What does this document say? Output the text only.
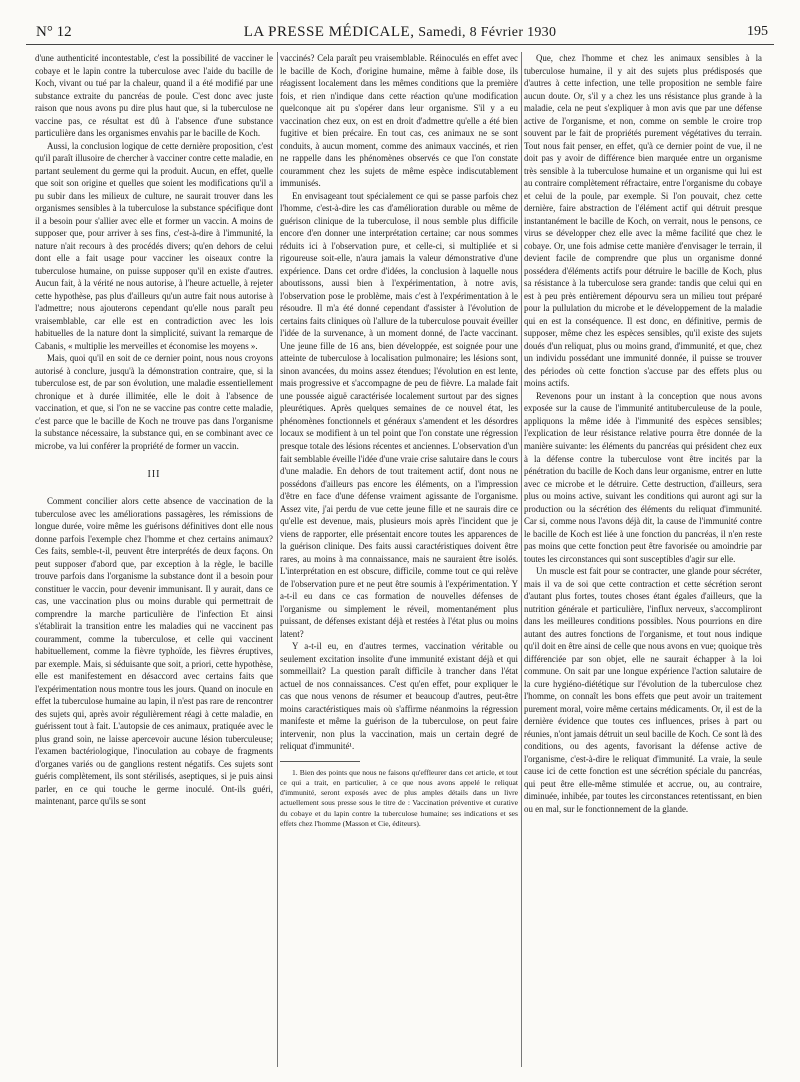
N° 12	LA PRESSE MÉDICALE, Samedi, 8 Février 1930	195

d'une authenticité incontestable, c'est la possibilité de vacciner le cobaye et le lapin contre la tuberculose avec l'aide du bacille de Koch, vivant ou tué par la chaleur, quand il a été modifié par une substance extraite du pancréas de poule. C'est donc avec juste raison que nous avons pu dire plus haut que, si la tuberculose ne vaccine pas, ce résultat est dû à l'absence d'une substance particulière dans les organismes envahis par le bacille de Koch.

Aussi, la conclusion logique de cette dernière proposition, c'est qu'il paraît illusoire de chercher à vacciner contre cette maladie, en partant seulement du germe qui la produit. Aucun, en effet, quelle que soit son origine et quelles que soient les modifications qu'il a pu subir dans les milieux de culture, ne saurait trouver dans les organismes sensibles à la tuberculose la substance spécifique dont il a besoin pour s'allier avec elle et former un vaccin. A moins de supposer que, pour arriver à ses fins, c'est-à-dire à l'immunité, la nature n'ait recours à des procédés divers; qu'en dehors de celui dont elle a fait usage pour vacciner les oiseaux contre la tuberculose humaine, on puisse supposer qu'il en existe d'autres. Aucun fait, à la vérité ne nous autorise, à l'heure actuelle, à rejeter cette hypothèse, pas plus d'ailleurs qu'un autre fait nous autorise à l'admettre; nous ajouterons cependant qu'elle nous paraît peu vraisemblable, car elle est en contradiction avec les lois habituelles de la nature dont la simplicité, suivant la remarque de Cabanis, « multiplie les merveilles et économise les moyens ».

Mais, quoi qu'il en soit de ce dernier point, nous nous croyons autorisé à conclure, jusqu'à la démonstration contraire, que, si la tuberculose est, de par son évolution, une maladie essentiellement chronique et à durée illimitée, elle le doit à l'absence de vaccination, et que, si l'on ne se vaccine pas contre cette maladie, c'est parce que le bacille de Koch ne trouve pas dans l'organisme la substance nécessaire, la substance qui, en se combinant avec ce microbe, va lui conférer la propriété de former un vaccin.

III

Comment concilier alors cette absence de vaccination de la tuberculose avec les améliorations passagères, les rémissions de longue durée, voire même les guérisons définitives dont elle nous donne parfois l'exemple chez l'homme et chez certains animaux? Ces faits, semble-t-il, peuvent être interprétés de deux façons. On peut supposer d'abord que, par exception à la règle, le bacille trouve parfois dans l'organisme la substance dont il a besoin pour constituer le vaccin, pour devenir immunisant. Il y aurait, dans ce cas, une vaccination plus ou moins durable qui permettrait de comprendre la marche particulière de l'infection Et ainsi s'établirait la transition entre les maladies qui ne vaccinent pas couramment, comme la tuberculose, et celle qui vaccinent habituellement, comme la fièvre typhoïde, les fièvres éruptives, par exemple. Mais, si séduisante que soit, a priori, cette hypothèse, elle est manifestement en désaccord avec certains faits que l'expérimentation nous montre tous les jours. Quand on inocule en effet la tuberculose humaine au lapin, il n'est pas rare de rencontrer des sujets qui, après avoir régulièrement réagi à cette maladie, en guérissent tout à fait. L'autopsie de ces animaux, pratiquée avec le plus grand soin, ne laisse apercevoir aucune lésion tuberculeuse; l'examen bactériologique, l'inoculation au cobaye de fragments d'organes variés ou de ganglions restent négatifs. Ces sujets sont guéris complètement, ils sont stérilisés, aseptiques, si je puis ainsi parler, en ce qui touche le germe inoculé. Ont-ils guéri, maintenant, parce qu'ils se sont

vaccinés? Cela paraît peu vraisemblable. Réinoculés en effet avec le bacille de Koch, d'origine humaine, même à faible dose, ils réagissent localement dans les mêmes conditions que la première fois, et rien n'indique dans cette réaction qu'une modification quelconque ait pu s'opérer dans leur organisme. S'il y a eu vaccination chez eux, on est en droit d'admettre qu'elle a été bien fugitive et bien précaire. En tout cas, ces animaux ne se sont conduits, à aucun moment, comme des animaux vaccinés, et rien ne rappelle dans les phénomènes observés ce que l'on constate couramment chez les sujets de même espèce indiscutablement immunisés.

En envisageant tout spécialement ce qui se passe parfois chez l'homme, c'est-à-dire les cas d'amélioration durable ou même de guérison clinique de la tuberculose, il nous semble plus difficile encore d'en donner une interprétation certaine; car nous sommes réduits ici à l'observation pure, et celle-ci, si multipliée et si rigoureuse soit-elle, n'aura jamais la valeur démonstrative d'une expérience. Dans cet ordre d'idées, la conclusion à laquelle nous aboutissons, aussi bien à l'expérimentation, à notre avis, l'observation pose le problème, mais c'est à l'expérimentation à le résoudre. Il m'a été donné cependant d'assister à l'évolution de certains faits cliniques où l'allure de la tuberculose pouvait éveiller l'idée de la survenance, à un moment donné, de l'acte vaccinant. Une jeune fille de 16 ans, bien développée, est soignée pour une atteinte de tuberculose à localisation pulmonaire; les lésions sont, sinon avancées, du moins assez étendues; l'évolution en est lente, mais progressive et s'accompagne de peu de fièvre. La malade fait une poussée aiguë caractérisée localement surtout par des signes pleurétiques. Après quelques semaines de ce nouvel état, les phénomènes fonctionnels et généraux s'amendent et les désordres locaux se modifient à un tel point que l'on constate une régression presque totale des lésions récentes et anciennes. L'observation d'un fait semblable éveille l'idée d'une vraie crise salutaire dans le cours d'une maladie. En dehors de tout traitement actif, dont nous ne possédons d'ailleurs pas encore les éléments, on a l'impression d'être en face d'une défense vraiment agissante de l'organisme. Assez vite, j'ai perdu de vue cette jeune fille et ne saurais dire ce qu'elle est devenue, mais, plusieurs mois après l'incident que je viens de rapporter, elle présentait encore toutes les apparences de la guérison clinique. Des faits aussi caractéristiques doivent être rares, au moins à ma connaissance, mais ne sauraient être isolés. L'interprétation en est obscure, difficile, comme tout ce qui relève de l'observation pure et ne peut être soumis à l'expérimentation. Y a-t-il eu dans ce cas formation de nouvelles défenses de l'organisme ou simplement le réveil, momentanément plus puissant, de défenses existant déjà et restées à l'état plus ou moins latent?

Y a-t-il eu, en d'autres termes, vaccination véritable ou seulement excitation insolite d'une immunité existant déjà et qui sommeillait? La question paraît difficile à trancher dans l'état actuel de nos connaissances. C'est qu'en effet, pour expliquer le cas que nous venons de résumer et beaucoup d'autres, peut-être moins caractéristiques mais où s'affirme néanmoins la régression manifeste et même la guérison de la tuberculose, on peut faire intervenir, non plus la vaccination, mais un certain degré de reliquat d'immunité¹.

1. Bien des points que nous ne faisons qu'effleurer dans cet article, et tout ce qui a trait, en particulier, à ce que nous avons appelé le reliquat d'immunité, seront exposés avec de plus amples détails dans un livre actuellement sous presse sous le titre de : Vaccination préventive et curative du cobaye et du lapin contre la tuberculose humaine; ses indications et ses effets chez l'homme (Masson et Cie, éditeurs).

Que, chez l'homme et chez les animaux sensibles à la tuberculose humaine, il y ait des sujets plus prédisposés que d'autres à cette infection, une telle proposition ne semble faire aucun doute. Or, s'il y a chez les uns résistance plus grande à la maladie, cela ne peut s'expliquer à mon avis que par une défense active de l'organisme, et non, comme on semble le croire trop souvent par le fait de propriétés purement végétatives du terrain. Tout nous fait penser, en effet, qu'à ce dernier point de vue, il ne doit pas y avoir de différence bien marquée entre un organisme très sensible à la tuberculose humaine et un organisme qui lui est au contraire complètement réfractaire, entre l'organisme du cobaye et celui de la poule, par exemple. Si l'on pouvait, chez cette dernière, faire abstraction de l'élément actif qui détruit presque instantanément le bacille de Koch, on verrait, nous le pensons, ce virus se développer chez elle avec la même facilité que chez le cobaye. Or, une fois admise cette manière d'envisager le terrain, il devient facile de comprendre que plus un organisme donné possédera d'éléments actifs pour détruire le bacille de Koch, plus sa résistance à la tuberculose sera grande: tandis que celui qui en est à peu près entièrement dépourvu sera un milieu tout préparé pour la pullulation du microbe et le développement de la maladie qui en est la conséquence. Il est donc, en définitive, permis de supposer, même chez les espèces sensibles, qu'il existe des sujets doués d'un reliquat, plus ou moins grand, d'immunité, et que, chez un individu possédant une immunité donnée, il puisse se trouver des périodes où cette fonction s'accuse par des effets plus ou moins actifs.

Revenons pour un instant à la conception que nous avons exposée sur la cause de l'immunité antituberculeuse de la poule, appliquons la même idée à l'immunité des espèces sensibles; l'explication de leur résistance relative pourra être donnée de la manière suivante: les éléments du pancréas qui président chez eux à la défense contre la tuberculose vont être incités par la pénétration du bacille de Koch dans leur organisme, entrer en lutte avec ce microbe et le détruire. Cette destruction, d'ailleurs, sera plus ou moins active, suivant les conditions qui auront agi sur la production ou la sécrétion des éléments du reliquat d'immunité. Car si, comme nous l'avons déjà dit, la cause de l'immunité contre le bacille de Koch est liée à une fonction du pancréas, il n'en reste pas moins que cette fonction peut être favorisée ou amoindrie par toutes les circonstances qui sont susceptibles d'agir sur elle.

Un muscle est fait pour se contracter, une glande pour sécréter, mais il va de soi que cette contraction et cette sécrétion seront d'autant plus fortes, toutes choses étant égales d'ailleurs, que la nutrition générale et particulière, l'influx nerveux, s'accompliront dans les meilleures conditions possibles. Nous pourrions en dire autant des autres fonctions de l'organisme, et tout nous indique qu'il doit en être ainsi de celle que nous avons en vue; quoique très différenciée par son objet, elle ne saurait échapper à la loi commune. On sait par une longue expérience l'action salutaire de la cure hygiéno-diététique sur l'évolution de la tuberculose chez l'homme, on connaît les bons effets que peut avoir un traitement purement moral, voire même certains médicaments. Or, il est de la dernière évidence que toutes ces influences, prises à part ou réunies, n'ont jamais détruit un seul bacille de Koch. Ce sont là des conditions, ou des agents, favorisant la défense active de l'organisme, c'est-à-dire le reliquat d'immunité. La vraie, la seule cause ici de cette fonction est une sécrétion spéciale du pancréas, qui peut être elle-même stimulée et accrue, ou, au contraire, diminuée, inhibée, par toutes les circonstances retentissant, en bien ou en mal, sur le fonctionnement de la glande.
